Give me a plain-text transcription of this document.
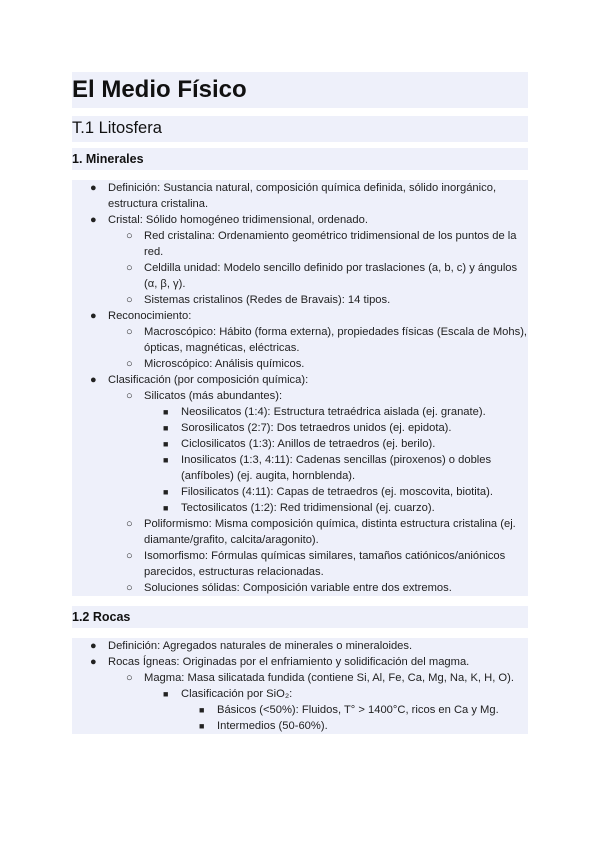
El Medio Físico
T.1 Litosfera
1. Minerales
● Definición: Sustancia natural, composición química definida, sólido inorgánico, estructura cristalina.
● Cristal: Sólido homogéneo tridimensional, ordenado.
○ Red cristalina: Ordenamiento geométrico tridimensional de los puntos de la red.
○ Celdilla unidad: Modelo sencillo definido por traslaciones (a, b, c) y ángulos (α, β, γ).
○ Sistemas cristalinos (Redes de Bravais): 14 tipos.
● Reconocimiento:
○ Macroscópico: Hábito (forma externa), propiedades físicas (Escala de Mohs), ópticas, magnéticas, eléctricas.
○ Microscópico: Análisis químicos.
● Clasificación (por composición química):
○ Silicatos (más abundantes):
■ Neosilicatos (1:4): Estructura tetraédrica aislada (ej. granate).
■ Sorosilicatos (2:7): Dos tetraedros unidos (ej. epidota).
■ Ciclosilicatos (1:3): Anillos de tetraedros (ej. berilo).
■ Inosilicatos (1:3, 4:11): Cadenas sencillas (piroxenos) o dobles (anfíboles) (ej. augita, hornblenda).
■ Filosilicatos (4:11): Capas de tetraedros (ej. moscovita, biotita).
■ Tectosilicatos (1:2): Red tridimensional (ej. cuarzo).
○ Poliformismo: Misma composición química, distinta estructura cristalina (ej. diamante/grafito, calcita/aragonito).
○ Isomorfismo: Fórmulas químicas similares, tamaños catiónicos/aniónicos parecidos, estructuras relacionadas.
○ Soluciones sólidas: Composición variable entre dos extremos.
1.2 Rocas
● Definición: Agregados naturales de minerales o mineraloides.
● Rocas Ígneas: Originadas por el enfriamiento y solidificación del magma.
○ Magma: Masa silicatada fundida (contiene Si, Al, Fe, Ca, Mg, Na, K, H, O).
■ Clasificación por SiO₂:
■ Básicos (<50%): Fluidos, T° > 1400°C, ricos en Ca y Mg.
■ Intermedios (50-60%).
